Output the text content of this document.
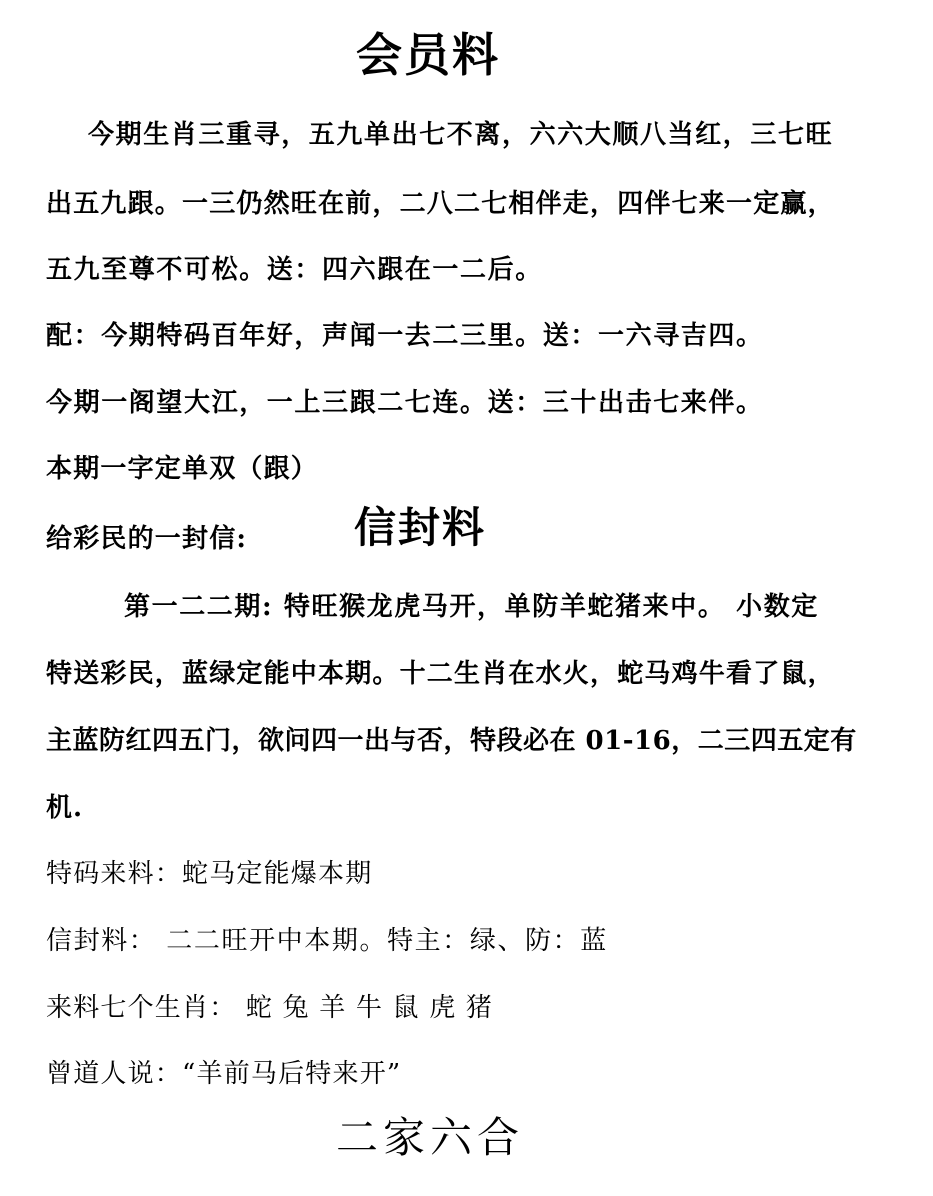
会员料
今期生肖三重寻，五九单出七不离，六六大顺八当红，三七旺
出五九跟。一三仍然旺在前，二八二七相伴走，四伴七来一定赢，
五九至尊不可松。送：四六跟在一二后。
配：今期特码百年好，声闻一去二三里。送：一六寻吉四。
今期一阁望大江，一上三跟二七连。送：三十出击七来伴。
本期一字定单双（跟）
给彩民的一封信:	信封料
第一二二期: 特旺猴龙虎马开，单防羊蛇猪来中。 小数定
特送彩民，蓝绿定能中本期。十二生肖在水火，蛇马鸡牛看了鼠，
主蓝防红四五门，欲问四一出与否，特段必在 01-16，二三四五定有
机.
特码来料：蛇马定能爆本期
信封料： 二二旺开中本期。特主：绿、防：蓝
来料七个生肖： 蛇 兔 羊 牛 鼠 虎 猪
曾道人说：“羊前马后特来开”
二家六合
